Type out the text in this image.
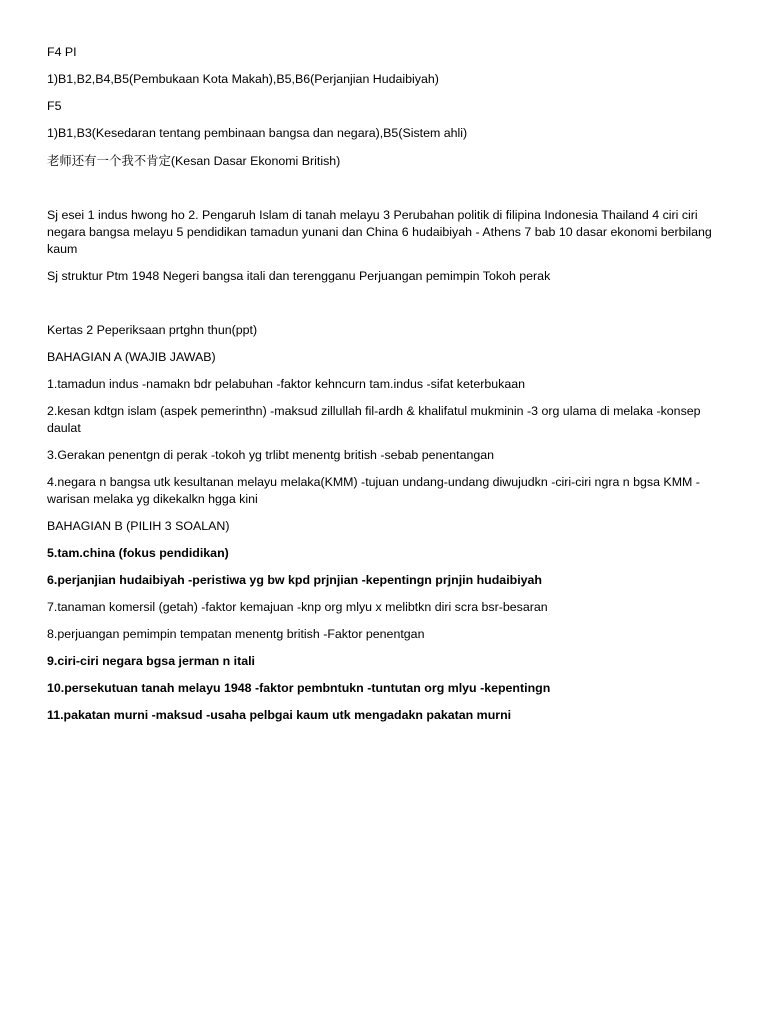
F4 PI

1)B1,B2,B4,B5(Pembukaan Kota Makah),B5,B6(Perjanjian Hudaibiyah)

F5

1)B1,B3(Kesedaran tentang pembinaan bangsa dan negara),B5(Sistem ahli)

老师还有一个我不肯定(Kesan Dasar Ekonomi British)

Sj esei 1 indus hwong ho 2. Pengaruh Islam di tanah melayu 3 Perubahan politik di filipina Indonesia Thailand 4 ciri ciri negara bangsa melayu 5 pendidikan tamadun yunani dan China 6 hudaibiyah - Athens 7 bab 10 dasar ekonomi berbilang kaum

Sj struktur Ptm 1948 Negeri bangsa itali dan terengganu Perjuangan pemimpin Tokoh perak

Kertas 2 Peperiksaan prtghn thun(ppt)

BAHAGIAN A (WAJIB JAWAB)

1.tamadun indus -namakn bdr pelabuhan -faktor kehncurn tam.indus -sifat keterbukaan

2.kesan kdtgn islam (aspek pemerinthn) -maksud zillullah fil-ardh & khalifatul mukminin -3 org ulama di melaka -konsep daulat

3.Gerakan penentgn di perak -tokoh yg trlibt menentg british -sebab penentangan

4.negara n bangsa utk kesultanan melayu melaka(KMM) -tujuan undang-undang diwujudkn -ciri-ciri ngra n bgsa KMM -warisan melaka yg dikekalkn hgga kini

BAHAGIAN B (PILIH 3 SOALAN)

5.tam.china (fokus pendidikan)

6.perjanjian hudaibiyah -peristiwa yg bw kpd prjnjian -kepentingn prjnjin hudaibiyah

7.tanaman komersil (getah) -faktor kemajuan -knp org mlyu x melibtkn diri scra bsr-besaran

8.perjuangan pemimpin tempatan menentg british -Faktor penentgan

9.ciri-ciri negara bgsa jerman n itali

10.persekutuan tanah melayu 1948 -faktor pembntukn -tuntutan org mlyu -kepentingn

11.pakatan murni -maksud -usaha pelbgai kaum utk mengadakn pakatan murni
